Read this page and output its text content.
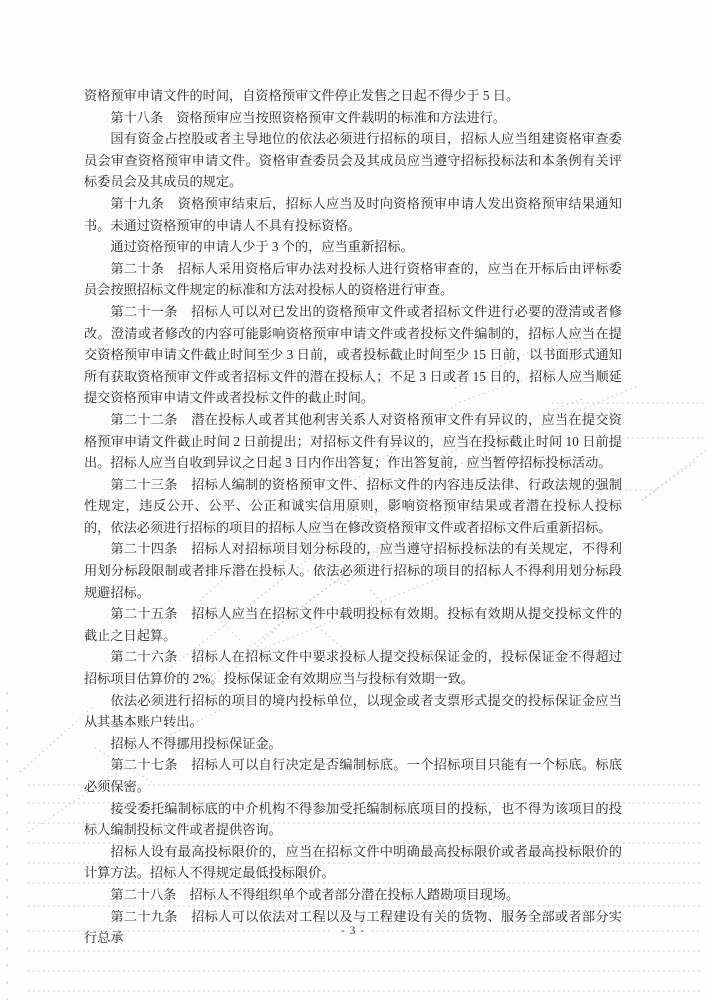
资格预审申请文件的时间，自资格预审文件停止发售之日起不得少于 5 日。

第十八条　资格预审应当按照资格预审文件载明的标准和方法进行。

国有资金占控股或者主导地位的依法必须进行招标的项目，招标人应当组建资格审查委员会审查资格预审申请文件。资格审查委员会及其成员应当遵守招标投标法和本条例有关评标委员会及其成员的规定。

第十九条　资格预审结束后，招标人应当及时向资格预审申请人发出资格预审结果通知书。未通过资格预审的申请人不具有投标资格。

通过资格预审的申请人少于 3 个的，应当重新招标。

第二十条　招标人采用资格后审办法对投标人进行资格审查的，应当在开标后由评标委员会按照招标文件规定的标准和方法对投标人的资格进行审查。

第二十一条　招标人可以对已发出的资格预审文件或者招标文件进行必要的澄清或者修改。澄清或者修改的内容可能影响资格预审申请文件或者投标文件编制的，招标人应当在提交资格预审申请文件截止时间至少 3 日前，或者投标截止时间至少 15 日前，以书面形式通知所有获取资格预审文件或者招标文件的潜在投标人；不足 3 日或者 15 日的，招标人应当顺延提交资格预审申请文件或者投标文件的截止时间。

第二十二条　潜在投标人或者其他利害关系人对资格预审文件有异议的，应当在提交资格预审申请文件截止时间 2 日前提出；对招标文件有异议的，应当在投标截止时间 10 日前提出。招标人应当自收到异议之日起 3 日内作出答复；作出答复前，应当暂停招标投标活动。

第二十三条　招标人编制的资格预审文件、招标文件的内容违反法律、行政法规的强制性规定，违反公开、公平、公正和诚实信用原则，影响资格预审结果或者潜在投标人投标的，依法必须进行招标的项目的招标人应当在修改资格预审文件或者招标文件后重新招标。

第二十四条　招标人对招标项目划分标段的，应当遵守招标投标法的有关规定，不得利用划分标段限制或者排斥潜在投标人。依法必须进行招标的项目的招标人不得利用划分标段规避招标。

第二十五条　招标人应当在招标文件中载明投标有效期。投标有效期从提交投标文件的截止之日起算。

第二十六条　招标人在招标文件中要求投标人提交投标保证金的，投标保证金不得超过招标项目估算价的 2%。投标保证金有效期应当与投标有效期一致。

依法必须进行招标的项目的境内投标单位，以现金或者支票形式提交的投标保证金应当从其基本账户转出。

招标人不得挪用投标保证金。

第二十七条　招标人可以自行决定是否编制标底。一个招标项目只能有一个标底。标底必须保密。

接受委托编制标底的中介机构不得参加受托编制标底项目的投标，也不得为该项目的投标人编制投标文件或者提供咨询。

招标人设有最高投标限价的，应当在招标文件中明确最高投标限价或者最高投标限价的计算方法。招标人不得规定最低投标限价。

第二十八条　招标人不得组织单个或者部分潜在投标人踏勘项目现场。

第二十九条　招标人可以依法对工程以及与工程建设有关的货物、服务全部或者部分实行总承	- 3 -
